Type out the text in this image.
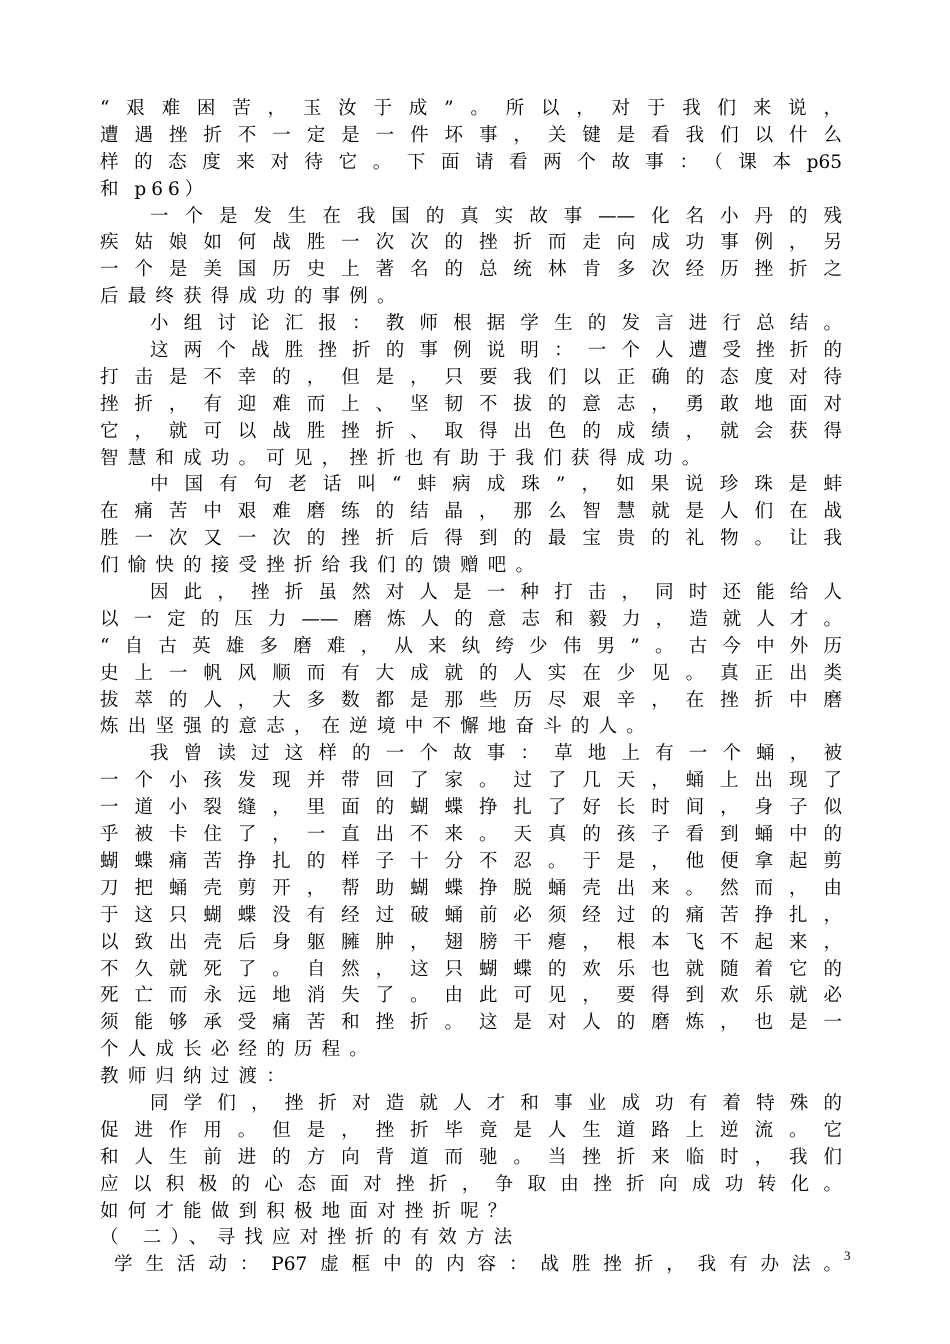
“艰难困苦，玉汝于成”。所以，对于我们来说，
遭遇挫折不一定是一件坏事，关键是看我们以什么
样的态度来对待它。下面请看两个故事：（课本p65
和 p66）
一个是发生在我国的真实故事——化名小丹的残
疾姑娘如何战胜一次次的挫折而走向成功事例，另
一个是美国历史上著名的总统林肯多次经历挫折之
后最终获得成功的事例。
小组讨论汇报：教师根据学生的发言进行总结。
这两个战胜挫折的事例说明：一个人遭受挫折的
打击是不幸的，但是，只要我们以正确的态度对待
挫折，有迎难而上、坚韧不拔的意志，勇敢地面对
它，就可以战胜挫折、取得出色的成绩，就会获得
智慧和成功。可见，挫折也有助于我们获得成功。
中国有句老话叫“蚌病成珠”，如果说珍珠是蚌
在痛苦中艰难磨练的结晶，那么智慧就是人们在战
胜一次又一次的挫折后得到的最宝贵的礼物。让我
们愉快的接受挫折给我们的馈赠吧。
因此，挫折虽然对人是一种打击，同时还能给人
以一定的压力——磨炼人的意志和毅力，造就人才。
“自古英雄多磨难，从来纨绔少伟男”。古今中外历
史上一帆风顺而有大成就的人实在少见。真正出类
拔萃的人，大多数都是那些历尽艰辛，在挫折中磨
炼出坚强的意志，在逆境中不懈地奋斗的人。
我曾读过这样的一个故事：草地上有一个蛹，被
一个小孩发现并带回了家。过了几天，蛹上出现了
一道小裂缝，里面的蝴蝶挣扎了好长时间，身子似
乎被卡住了，一直出不来。天真的孩子看到蛹中的
蝴蝶痛苦挣扎的样子十分不忍。于是，他便拿起剪
刀把蛹壳剪开，帮助蝴蝶挣脱蛹壳出来。然而，由
于这只蝴蝶没有经过破蛹前必须经过的痛苦挣扎，
以致出壳后身躯臃肿，翅膀干瘪，根本飞不起来，
不久就死了。自然，这只蝴蝶的欢乐也就随着它的
死亡而永远地消失了。由此可见，要得到欢乐就必
须能够承受痛苦和挫折。这是对人的磨炼，也是一
个人成长必经的历程。
教师归纳过渡：
同学们，挫折对造就人才和事业成功有着特殊的
促进作用。但是，挫折毕竟是人生道路上逆流。它
和人生前进的方向背道而驰。当挫折来临时，我们
应以积极的心态面对挫折，争取由挫折向成功转化。
如何才能做到积极地面对挫折呢？
（ 二）、寻找应对挫折的有效方法
学生活动：P67虚框中的内容：战胜挫折，我有办法。 3
